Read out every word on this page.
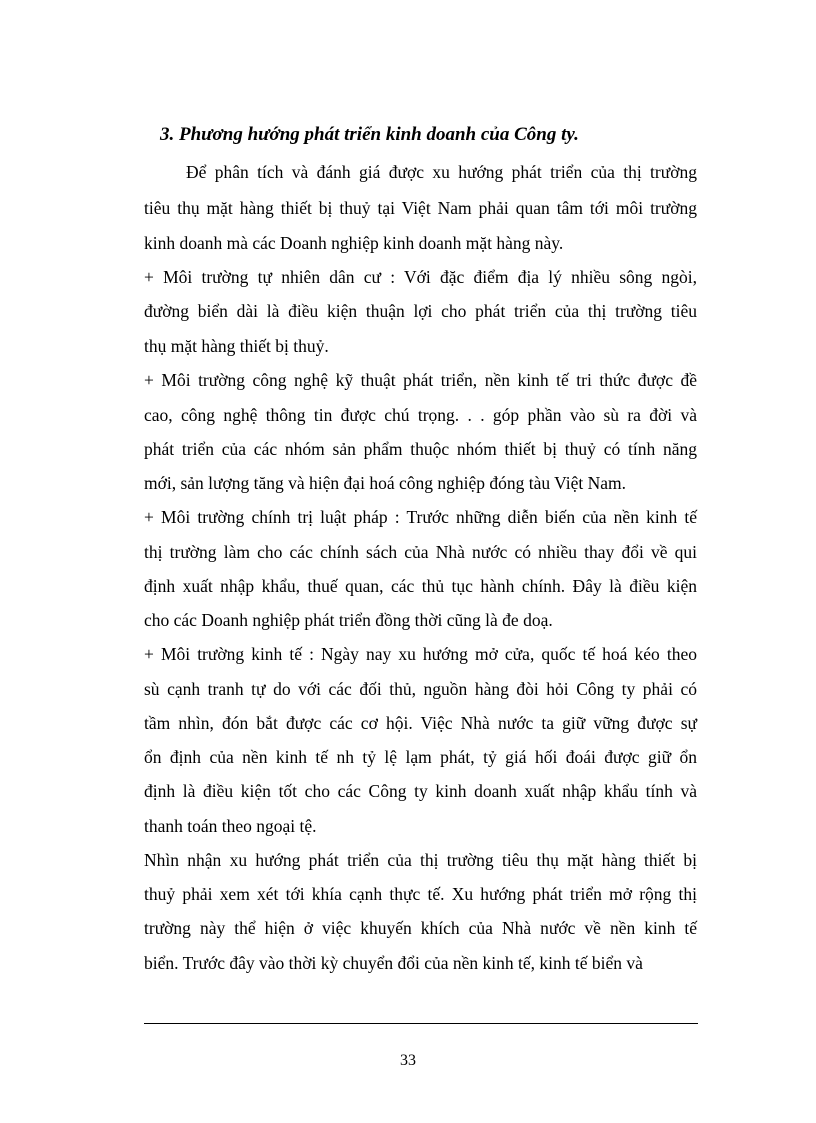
3. Phương hướng phát triển kinh doanh của Công ty.
Để phân tích và đánh giá được xu hướng phát triển của thị trường
tiêu thụ mặt hàng thiết bị thuỷ tại Việt Nam phải quan tâm tới môi trường
kinh doanh mà các Doanh nghiệp kinh doanh mặt hàng này.
+ Môi trường tự nhiên dân cư : Với đặc điểm địa lý nhiều sông ngòi,
đường biển dài là điều kiện thuận lợi cho phát triển của thị trường tiêu
thụ mặt hàng thiết bị thuỷ.
+ Môi trường công nghệ kỹ thuật phát triển, nền kinh tế tri thức được đề
cao, công nghệ thông tin được chú trọng. . . góp phần vào sù ra đời và
phát triển của các nhóm sản phẩm thuộc nhóm thiết bị thuỷ có tính năng
mới, sản lượng tăng và hiện đại hoá công nghiệp đóng tàu Việt Nam.
+ Môi trường chính trị luật pháp : Trước những diễn biến của nền kinh tế
thị trường làm cho các chính sách của Nhà nước có nhiều thay đổi về qui
định xuất nhập khẩu, thuế quan, các thủ tục hành chính. Đây là điều kiện
cho các Doanh nghiệp phát triển đồng thời cũng là đe doạ.
+ Môi trường kinh tế : Ngày nay xu hướng mở cửa, quốc tế hoá kéo theo
sù cạnh tranh tự do với các đối thủ, nguồn hàng đòi hỏi Công ty phải có
tầm nhìn, đón bắt được các cơ hội. Việc Nhà nước ta giữ vững được sự
ổn định của nền kinh tế nh tỷ lệ lạm phát, tỷ giá hối đoái được giữ ổn
định là điều kiện tốt cho các Công ty kinh doanh xuất nhập khẩu tính và
thanh toán theo ngoại tệ.
Nhìn nhận xu hướng phát triển của thị trường tiêu thụ mặt hàng thiết bị
thuỷ phải xem xét tới khía cạnh thực tế. Xu hướng phát triển mở rộng thị
trường này thể hiện ở việc khuyến khích của Nhà nước về nền kinh tế
biển. Trước đây vào thời kỳ chuyển đổi của nền kinh tế, kinh tế biển và
33
